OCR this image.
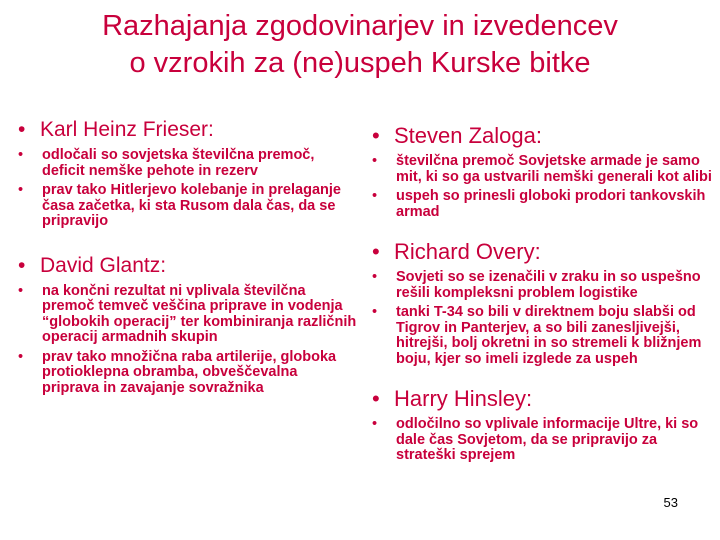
Razhajanja zgodovinarjev in izvedencev
o vzrokih za (ne)uspeh Kurske bitke
• Karl Heinz Frieser:
• odločali so sovjetska številčna premoč, deficit nemške pehote in rezerv
• prav tako Hitlerjevo kolebanje in prelaganje časa začetka, ki sta Rusom dala čas, da se pripravijo
• David Glantz:
• na končni rezultat ni vplivala številčna premoč temveč veščina priprave in vodenja “globokih operacij” ter kombiniranja različnih operacij armadnih skupin
• prav tako množična raba artilerije, globoka protioklepna obramba, obveščevalna priprava in zavajanje sovražnika
• Steven Zaloga:
• številčna premoč Sovjetske armade je samo mit, ki so ga ustvarili nemški generali kot alibi
• uspeh so prinesli globoki prodori tankovskih armad
• Richard Overy:
• Sovjeti so se izenačili v zraku in so uspešno rešili kompleksni problem logistike
• tanki T-34 so bili v direktnem boju slabši od Tigrov in Panterjev, a so bili zanesljivejši, hitrejši, bolj okretni in so stremeli k bližnjem boju, kjer so imeli izglede za uspeh
• Harry Hinsley:
• odločilno so vplivale informacije Ultre, ki so dale čas Sovjetom, da se pripravijo za strateški sprejem
53
